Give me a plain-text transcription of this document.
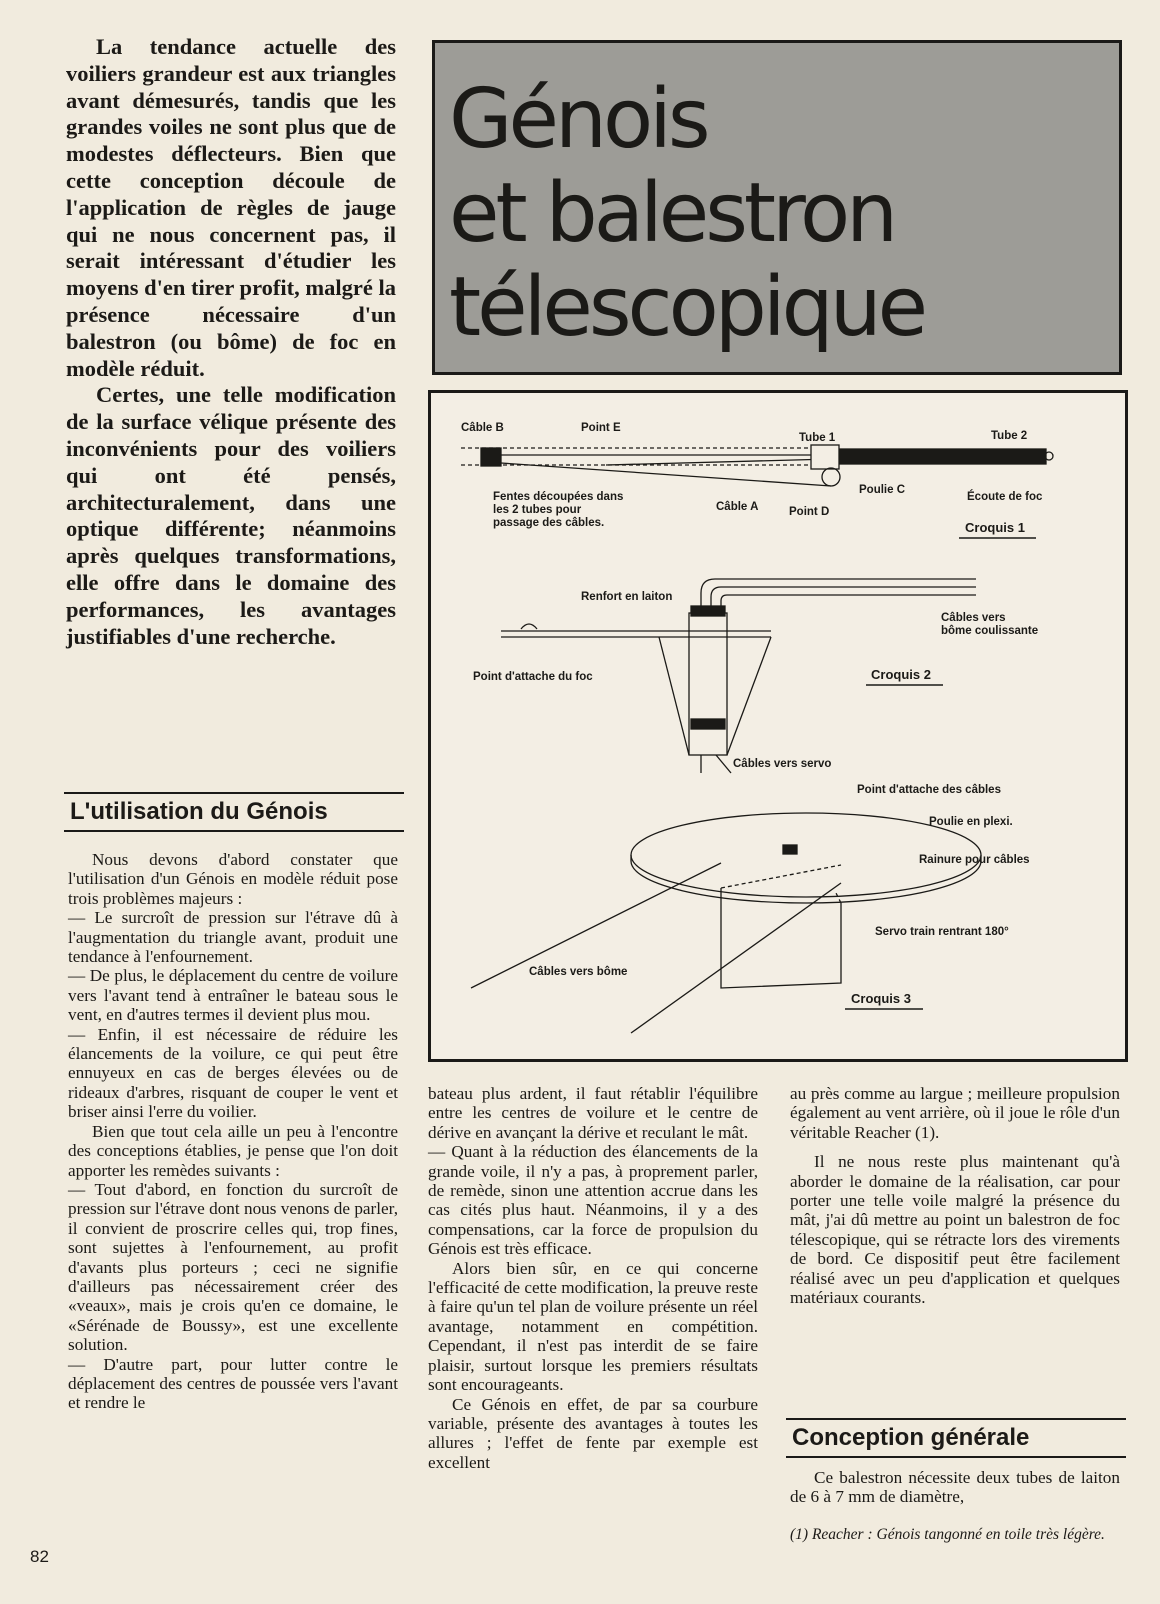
La tendance actuelle des voiliers grandeur est aux triangles avant démesurés, tandis que les grandes voiles ne sont plus que de modestes déflecteurs. Bien que cette conception découle de l'application de règles de jauge qui ne nous concernent pas, il serait intéressant d'étudier les moyens d'en tirer profit, malgré la présence nécessaire d'un balestron (ou bôme) de foc en modèle réduit.

Certes, une telle modification de la surface vélique présente des inconvénients pour des voiliers qui ont été pensés, architecturalement, dans une optique différente; néanmoins après quelques transformations, elle offre dans le domaine des performances, les avantages justifiables d'une recherche.

Génois
et balestron
télescopique
Câble B	Point E
Tube 1	Tube 2
Fentes découpées dans
les 2 tubes pour
passage des câbles.
Câble A	Point D
Poulie C
Écoute de foc
Croquis 1
Renfort en laiton
Câbles vers
bôme coulissante
Point d'attache du foc	Croquis 2
Câbles vers servo
Point d'attache des câbles
Poulie en plexi.
Rainure pour câbles
Servo train rentrant 180°
Câbles vers bôme
Croquis 3
L'utilisation du Génois

Nous devons d'abord constater que l'utilisation d'un Génois en modèle réduit pose trois problèmes majeurs :

— Le surcroît de pression sur l'étrave dû à l'augmentation du triangle avant, produit une tendance à l'enfournement.

— De plus, le déplacement du centre de voilure vers l'avant tend à entraîner le bateau sous le vent, en d'autres termes il devient plus mou.

— Enfin, il est nécessaire de réduire les élancements de la voilure, ce qui peut être ennuyeux en cas de berges élevées ou de rideaux d'arbres, risquant de couper le vent et briser ainsi l'erre du voilier.

Bien que tout cela aille un peu à l'encontre des conceptions établies, je pense que l'on doit apporter les remèdes suivants :

— Tout d'abord, en fonction du surcroît de pression sur l'étrave dont nous venons de parler, il convient de proscrire celles qui, trop fines, sont sujettes à l'enfournement, au profit d'avants plus porteurs ; ceci ne signifie d'ailleurs pas nécessairement créer des «veaux», mais je crois qu'en ce domaine, le «Sérénade de Boussy», est une excellente solution.

— D'autre part, pour lutter contre le déplacement des centres de poussée vers l'avant et rendre le

bateau plus ardent, il faut rétablir l'équilibre entre les centres de voilure et le centre de dérive en avançant la dérive et reculant le mât.

— Quant à la réduction des élancements de la grande voile, il n'y a pas, à proprement parler, de remède, sinon une attention accrue dans les cas cités plus haut. Néanmoins, il y a des compensations, car la force de propulsion du Génois est très efficace.

Alors bien sûr, en ce qui concerne l'efficacité de cette modification, la preuve reste à faire qu'un tel plan de voilure présente un réel avantage, notamment en compétition. Cependant, il n'est pas interdit de se faire plaisir, surtout lorsque les premiers résultats sont encourageants.

Ce Génois en effet, de par sa courbure variable, présente des avantages à toutes les allures ; l'effet de fente par exemple est excellent

au près comme au largue ; meilleure propulsion également au vent arrière, où il joue le rôle d'un véritable Reacher (1).

Il ne nous reste plus maintenant qu'à aborder le domaine de la réalisation, car pour porter une telle voile malgré la présence du mât, j'ai dû mettre au point un balestron de foc télescopique, qui se rétracte lors des virements de bord. Ce dispositif peut être facilement réalisé avec un peu d'application et quelques matériaux courants.

Conception générale

Ce balestron nécessite deux tubes de laiton de 6 à 7 mm de diamètre,

(1) Reacher : Génois tangonné en toile très légère.
82
